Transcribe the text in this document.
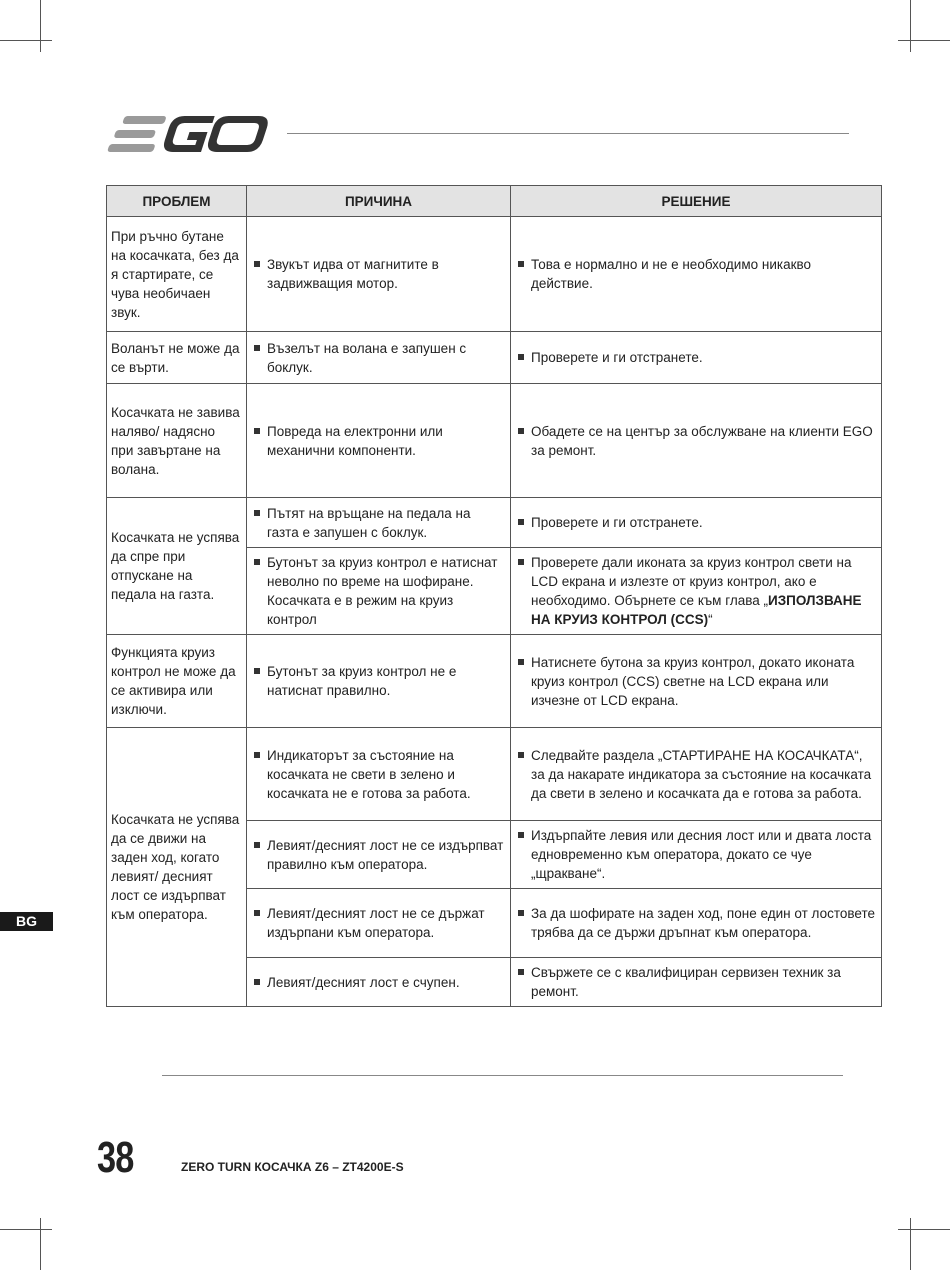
ПРОБЛЕМ	ПРИЧИНА	РЕШЕНИЕ
При ръчно бутане на косачката, без да я стартирате, се чува необичаен звук.	Звукът идва от магнитите в задвижващия мотор.	Това е нормално и не е необходимо никакво действие.

Воланът не може да се върти.	Възелът на волана е запушен с боклук.	Проверете и ги отстранете.

Косачката не завива наляво/ надясно при завъртане на волана.	Повреда на електронни или механични компоненти.	Обадете се на център за обслужване на клиенти EGO за ремонт.

Косачката не успява да спре при отпускане на педала на газта.	Пътят на връщане на педала на газта е запушен с боклук.	Проверете и ги отстранете.

	Бутонът за круиз контрол е натиснат неволно по време на шофиране. Косачката е в режим на круиз контрол	Проверете дали иконата за круиз контрол свети на LCD екрана и излезте от круиз контрол, ако е необходимо. Обърнете се към глава „ИЗПОЛЗВАНЕ НА КРУИЗ КОНТРОЛ (CCS)“

Функцията круиз контрол не може да се активира или изключи.	Бутонът за круиз контрол не е натиснат правилно.	Натиснете бутона за круиз контрол, докато иконата круиз контрол (CCS) светне на LCD екрана или изчезне от LCD екрана.

Косачката не успява да се движи на заден ход, когато левият/ десният лост се издърпват към оператора.	Индикаторът за състояние на косачката не свети в зелено и косачката не е готова за работа.	Следвайте раздела „СТАРТИРАНЕ НА КОСАЧКАТА“, за да накарате индикатора за състояние на косачката да свети в зелено и косачката да е готова за работа.

	Левият/десният лост не се издърпват правилно към оператора.	Издърпайте левия или десния лост или и двата лоста едновременно към оператора, докато се чуе „щракване“.

	Левият/десният лост не се държат издърпани към оператора.	За да шофирате на заден ход, поне един от лостовете трябва да се държи дръпнат към оператора.

	Левият/десният лост е счупен.	Свържете се с квалифициран сервизен техник за ремонт.
BG
38	ZERO TURN КОСАЧКА Z6 – ZT4200E-S
